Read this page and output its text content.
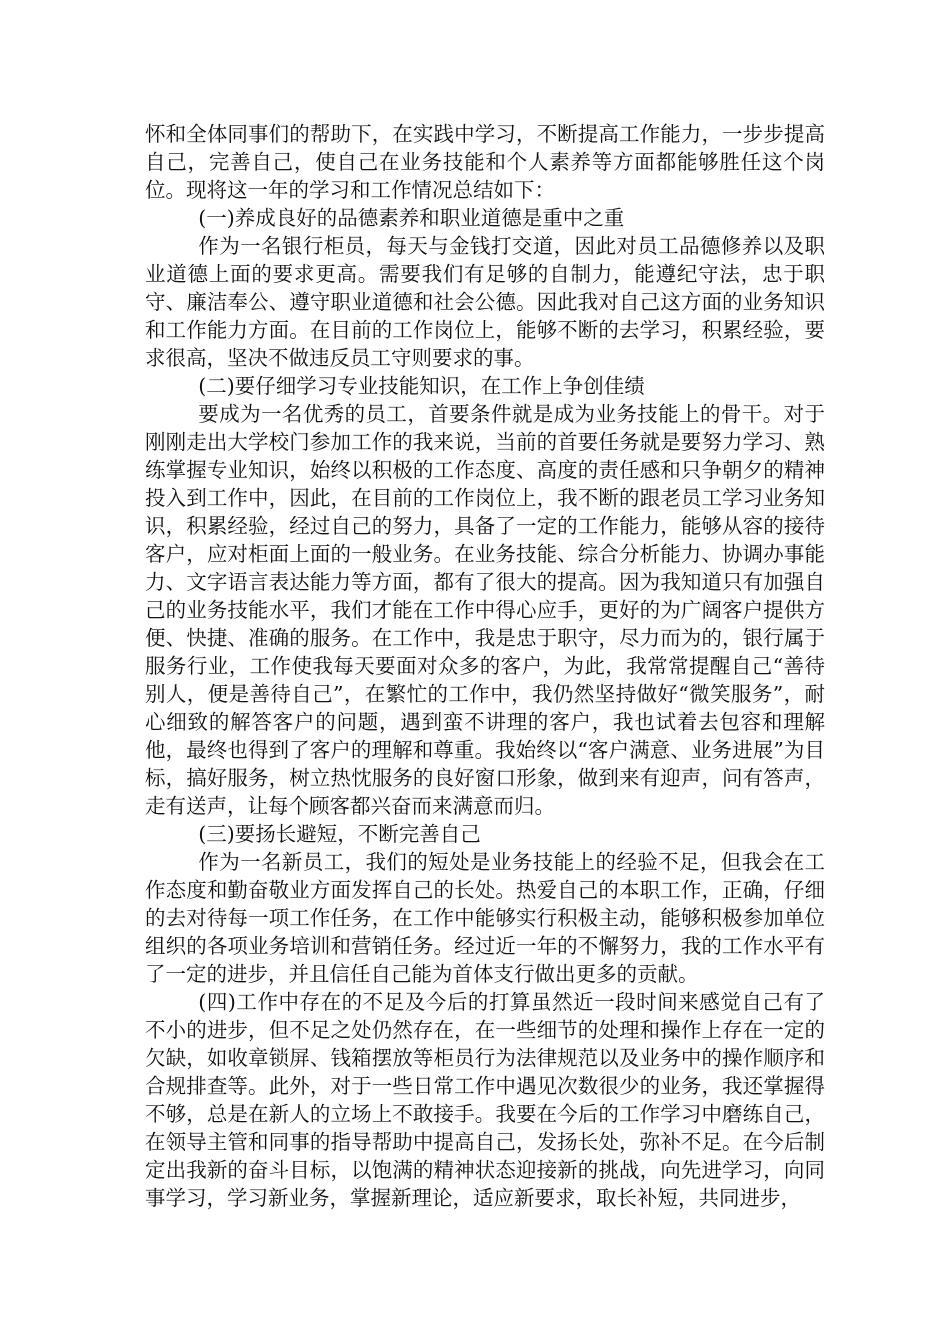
怀和全体同事们的帮助下，在实践中学习，不断提高工作能力，一步步提高自己，完善自己，使自己在业务技能和个人素养等方面都能够胜任这个岗位。现将这一年的学习和工作情况总结如下：

(一)养成良好的品德素养和职业道德是重中之重

作为一名银行柜员，每天与金钱打交道，因此对员工品德修养以及职业道德上面的要求更高。需要我们有足够的自制力，能遵纪守法，忠于职守、廉洁奉公、遵守职业道德和社会公德。因此我对自己这方面的业务知识和工作能力方面。在目前的工作岗位上，能够不断的去学习，积累经验，要求很高，坚决不做违反员工守则要求的事。

(二)要仔细学习专业技能知识，在工作上争创佳绩

要成为一名优秀的员工，首要条件就是成为业务技能上的骨干。对于刚刚走出大学校门参加工作的我来说，当前的首要任务就是要努力学习、熟练掌握专业知识，始终以积极的工作态度、高度的责任感和只争朝夕的精神投入到工作中，因此，在目前的工作岗位上，我不断的跟老员工学习业务知识，积累经验，经过自己的努力，具备了一定的工作能力，能够从容的接待客户，应对柜面上面的一般业务。在业务技能、综合分析能力、协调办事能力、文字语言表达能力等方面，都有了很大的提高。因为我知道只有加强自己的业务技能水平，我们才能在工作中得心应手，更好的为广阔客户提供方便、快捷、准确的服务。在工作中，我是忠于职守，尽力而为的，银行属于服务行业，工作使我每天要面对众多的客户，为此，我常常提醒自己“善待别人，便是善待自己”，在繁忙的工作中，我仍然坚持做好“微笑服务”，耐心细致的解答客户的问题，遇到蛮不讲理的客户，我也试着去包容和理解他，最终也得到了客户的理解和尊重。我始终以“客户满意、业务进展”为目标，搞好服务，树立热忱服务的良好窗口形象，做到来有迎声，问有答声，走有送声，让每个顾客都兴奋而来满意而归。

(三)要扬长避短，不断完善自己

作为一名新员工，我们的短处是业务技能上的经验不足，但我会在工作态度和勤奋敬业方面发挥自己的长处。热爱自己的本职工作，正确，仔细的去对待每一项工作任务，在工作中能够实行积极主动，能够积极参加单位组织的各项业务培训和营销任务。经过近一年的不懈努力，我的工作水平有了一定的进步，并且信任自己能为首体支行做出更多的贡献。

(四)工作中存在的不足及今后的打算虽然近一段时间来感觉自己有了不小的进步，但不足之处仍然存在，在一些细节的处理和操作上存在一定的欠缺，如收章锁屏、钱箱摆放等柜员行为法律规范以及业务中的操作顺序和合规排查等。此外，对于一些日常工作中遇见次数很少的业务，我还掌握得不够，总是在新人的立场上不敢接手。我要在今后的工作学习中磨练自己，在领导主管和同事的指导帮助中提高自己，发扬长处，弥补不足。在今后制定出我新的奋斗目标，以饱满的精神状态迎接新的挑战，向先进学习，向同事学习，学习新业务，掌握新理论，适应新要求，取长补短，共同进步，
